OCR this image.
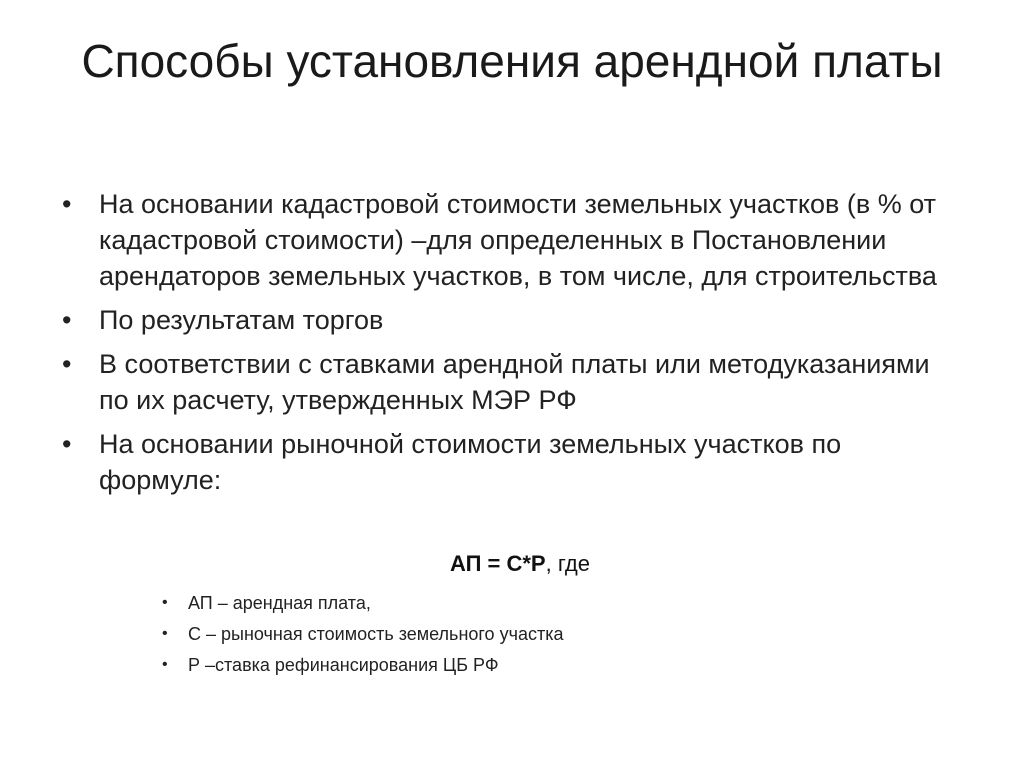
Способы установления арендной платы
•	На основании кадастровой стоимости земельных участков (в % от кадастровой стоимости) –для определенных в Постановлении арендаторов земельных участков, в том числе, для строительства
•	По результатам торгов
•	В соответствии с ставками арендной платы или методуказаниями по их расчету, утвержденных МЭР РФ
•	На основании рыночной стоимости земельных участков по формуле:
АП = С*Р, где
• АП – арендная плата,
• С – рыночная стоимость земельного участка
• Р –ставка рефинансирования ЦБ РФ
